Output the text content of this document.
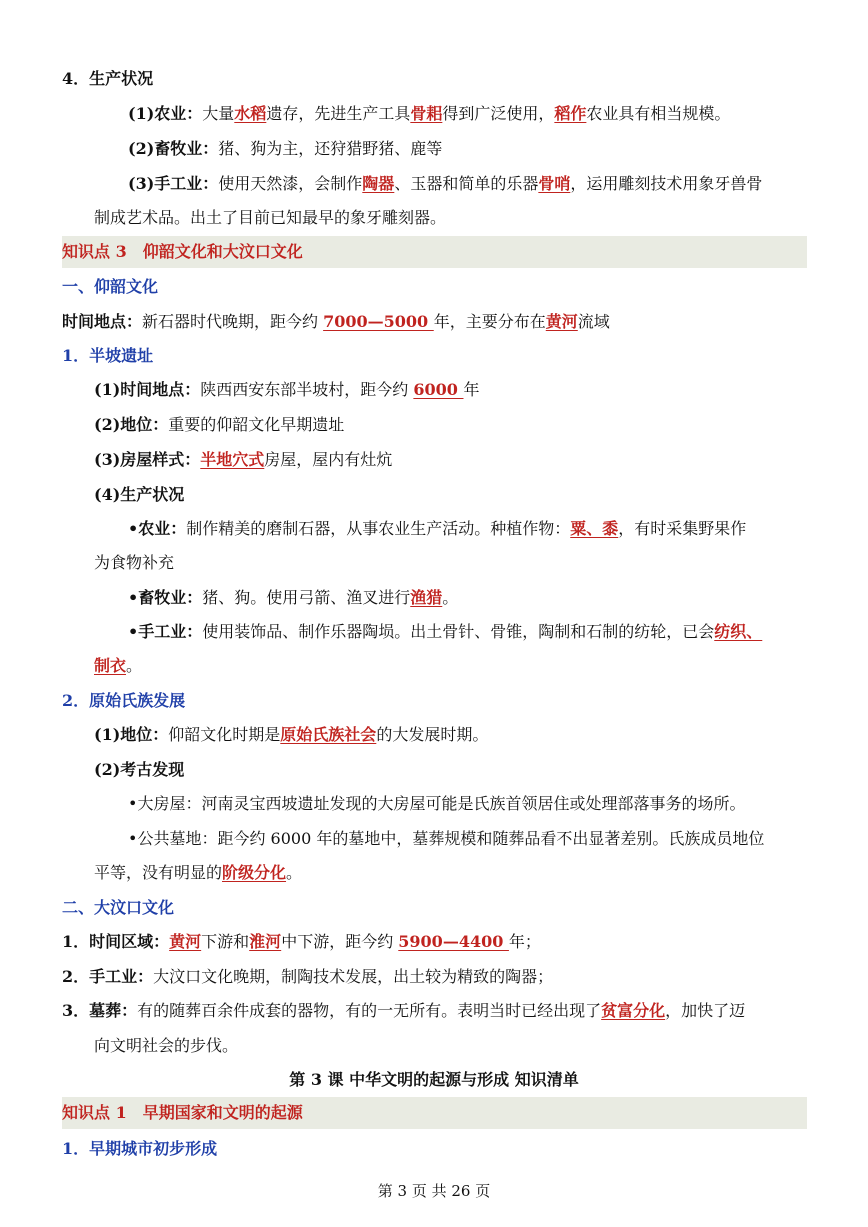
4．生产状况
(1)农业：大量水稻遗存，先进生产工具骨耜得到广泛使用，稻作农业具有相当规模。
(2)畜牧业：猪、狗为主，还狩猎野猪、鹿等
(3)手工业：使用天然漆，会制作陶器、玉器和简单的乐器骨哨，运用雕刻技术用象牙兽骨
制成艺术品。出土了目前已知最早的象牙雕刻器。
知识点 3　仰韶文化和大汶口文化
一、仰韶文化
时间地点：新石器时代晚期，距今约 7000—5000 年，主要分布在黄河流域
1．半坡遗址
(1)时间地点：陕西西安东部半坡村，距今约 6000 年
(2)地位：重要的仰韶文化早期遗址
(3)房屋样式：半地穴式房屋，屋内有灶炕
(4)生产状况
•农业：制作精美的磨制石器，从事农业生产活动。种植作物：粟、黍，有时采集野果作
为食物补充
•畜牧业：猪、狗。使用弓箭、渔叉进行渔猎。
•手工业：使用装饰品、制作乐器陶埙。出土骨针、骨锥，陶制和石制的纺轮，已会纺织、
制衣。
2．原始氏族发展
(1)地位：仰韶文化时期是原始氏族社会的大发展时期。
(2)考古发现
•大房屋：河南灵宝西坡遗址发现的大房屋可能是氏族首领居住或处理部落事务的场所。
•公共墓地：距今约 6000 年的墓地中，墓葬规模和随葬品看不出显著差别。氏族成员地位
平等，没有明显的阶级分化。
二、大汶口文化
1．时间区域：黄河下游和淮河中下游，距今约 5900—4400 年；
2．手工业：大汶口文化晚期，制陶技术发展，出土较为精致的陶器；
3．墓葬：有的随葬百余件成套的器物，有的一无所有。表明当时已经出现了贫富分化，加快了迈
向文明社会的步伐。
第 3 课 中华文明的起源与形成 知识清单
知识点 1　早期国家和文明的起源
1．早期城市初步形成
第 3 页 共 26 页
